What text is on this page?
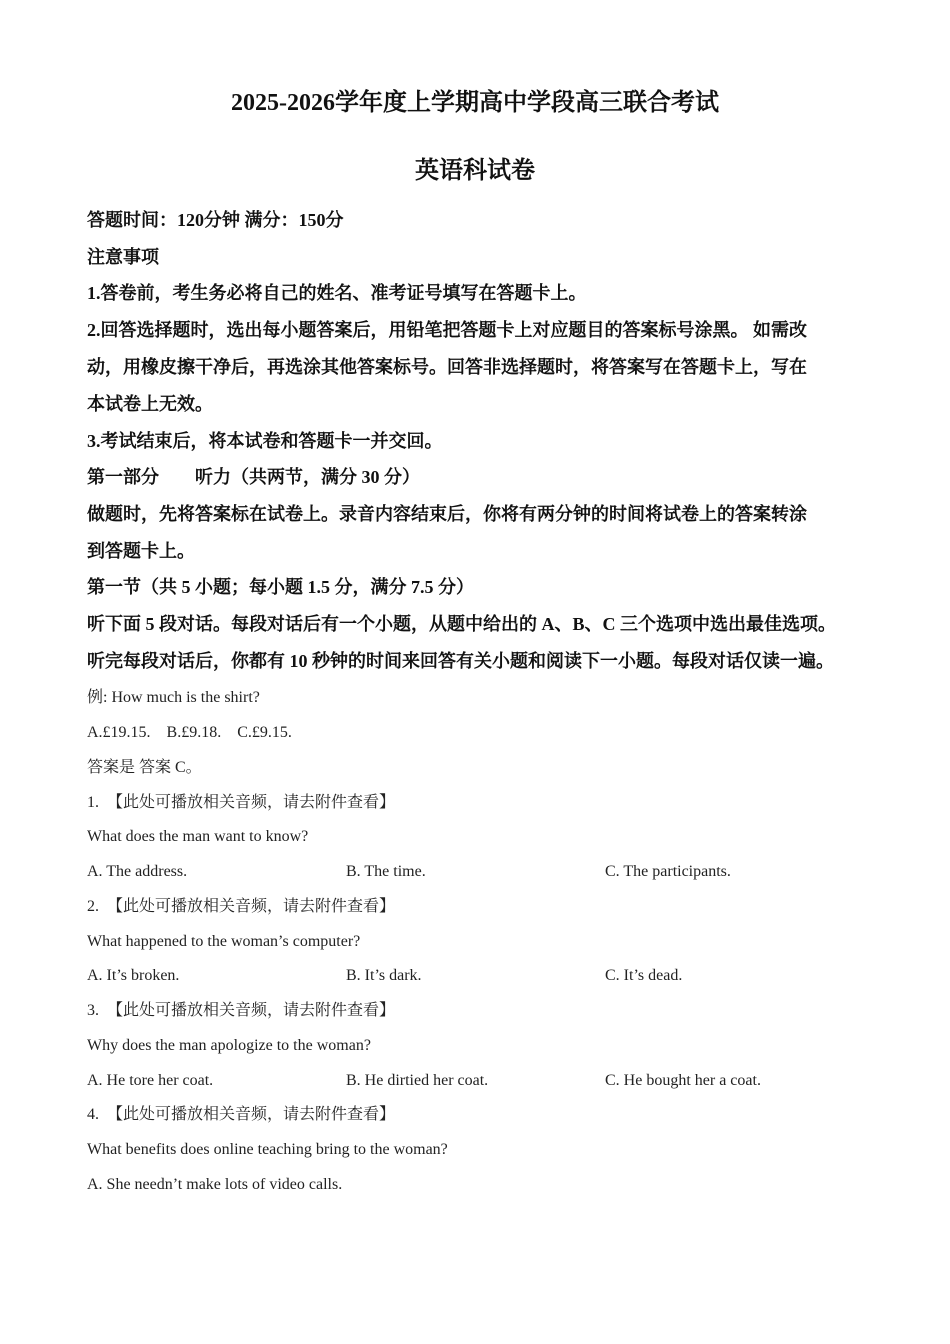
2025-2026学年度上学期高中学段高三联合考试
英语科试卷
答题时间：120分钟 满分：150分
注意事项
1.答卷前，考生务必将自己的姓名、准考证号填写在答题卡上。
2.回答选择题时，选出每小题答案后，用铅笔把答题卡上对应题目的答案标号涂黑。 如需改
动，用橡皮擦干净后，再选涂其他答案标号。回答非选择题时，将答案写在答题卡上，写在
本试卷上无效。
3.考试结束后，将本试卷和答题卡一并交回。
第一部分 听力（共两节，满分 30 分）
做题时，先将答案标在试卷上。录音内容结束后，你将有两分钟的时间将试卷上的答案转涂
到答题卡上。
第一节（共 5 小题；每小题 1.5 分，满分 7.5 分）
听下面 5 段对话。每段对话后有一个小题，从题中给出的 A、B、C 三个选项中选出最佳选项。
听完每段对话后，你都有 10 秒钟的时间来回答有关小题和阅读下一小题。每段对话仅读一遍。
例: How much is the shirt?
A.£19.15.    B.£9.18.    C.£9.15.
答案是 答案 C。
1. 【此处可播放相关音频，请去附件查看】
What does the man want to know?
A. The address.	B. The time.	C. The participants.
2. 【此处可播放相关音频，请去附件查看】
What happened to the woman’s computer?
A. It’s broken.	B. It’s dark.	C. It’s dead.
3. 【此处可播放相关音频，请去附件查看】
Why does the man apologize to the woman?
A. He tore her coat.	B. He dirtied her coat.	C. He bought her a coat.
4. 【此处可播放相关音频，请去附件查看】
What benefits does online teaching bring to the woman?
A. She needn’t make lots of video calls.
